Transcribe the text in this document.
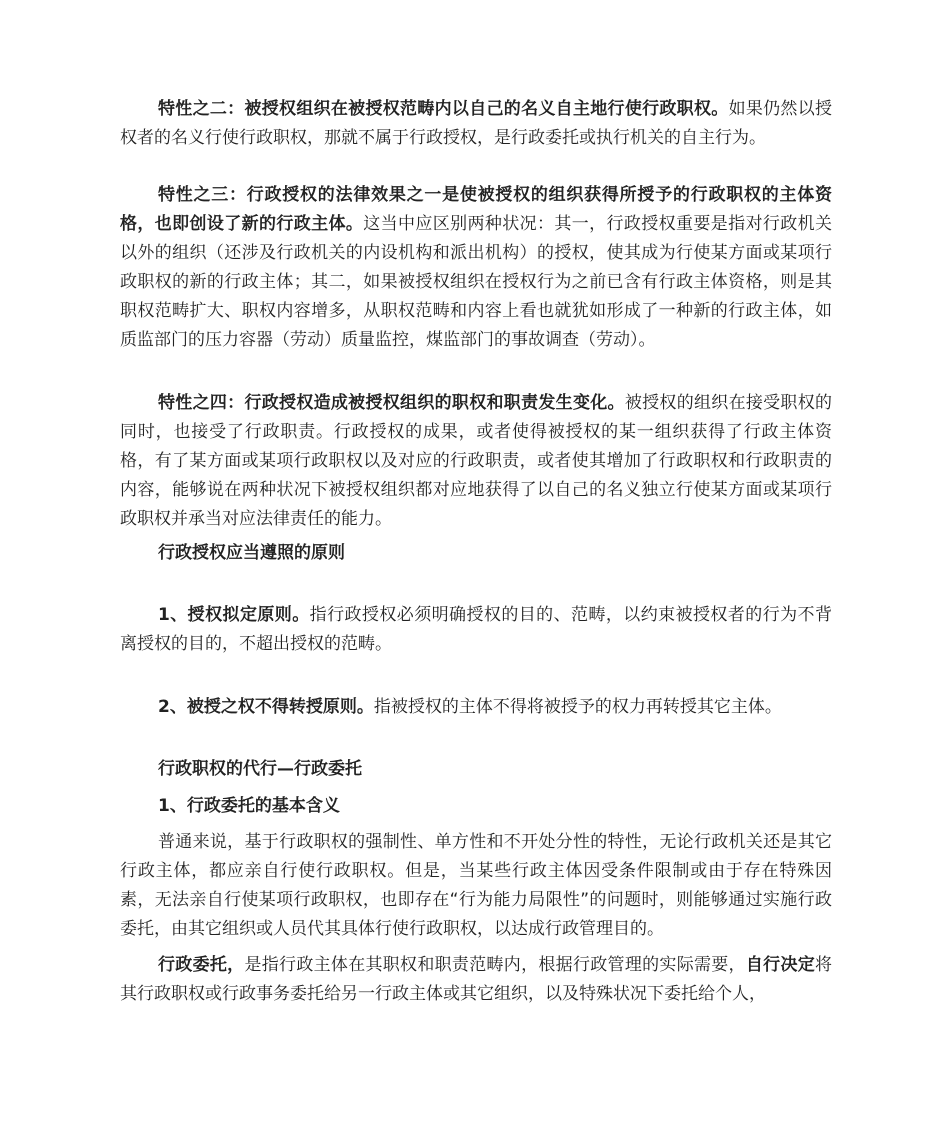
特性之二：被授权组织在被授权范畴内以自己的名义自主地行使行政职权。如果仍然以授权者的名义行使行政职权，那就不属于行政授权，是行政委托或执行机关的自主行为。

特性之三：行政授权的法律效果之一是使被授权的组织获得所授予的行政职权的主体资格，也即创设了新的行政主体。这当中应区别两种状况：其一，行政授权重要是指对行政机关以外的组织（还涉及行政机关的内设机构和派出机构）的授权，使其成为行使某方面或某项行政职权的新的行政主体；其二，如果被授权组织在授权行为之前已含有行政主体资格，则是其职权范畴扩大、职权内容增多，从职权范畴和内容上看也就犹如形成了一种新的行政主体，如质监部门的压力容器（劳动）质量监控，煤监部门的事故调查（劳动）。

特性之四：行政授权造成被授权组织的职权和职责发生变化。被授权的组织在接受职权的同时，也接受了行政职责。行政授权的成果，或者使得被授权的某一组织获得了行政主体资格，有了某方面或某项行政职权以及对应的行政职责，或者使其增加了行政职权和行政职责的内容，能够说在两种状况下被授权组织都对应地获得了以自己的名义独立行使某方面或某项行政职权并承当对应法律责任的能力。

行政授权应当遵照的原则

1、授权拟定原则。指行政授权必须明确授权的目的、范畴，以约束被授权者的行为不背离授权的目的，不超出授权的范畴。

2、被授之权不得转授原则。指被授权的主体不得将被授予的权力再转授其它主体。

行政职权的代行—行政委托

1、行政委托的基本含义

普通来说，基于行政职权的强制性、单方性和不开处分性的特性，无论行政机关还是其它行政主体，都应亲自行使行政职权。但是，当某些行政主体因受条件限制或由于存在特殊因素，无法亲自行使某项行政职权，也即存在“行为能力局限性”的问题时，则能够通过实施行政委托，由其它组织或人员代其具体行使行政职权，以达成行政管理目的。

行政委托，是指行政主体在其职权和职责范畴内，根据行政管理的实际需要，自行决定将其行政职权或行政事务委托给另一行政主体或其它组织，以及特殊状况下委托给个人，
